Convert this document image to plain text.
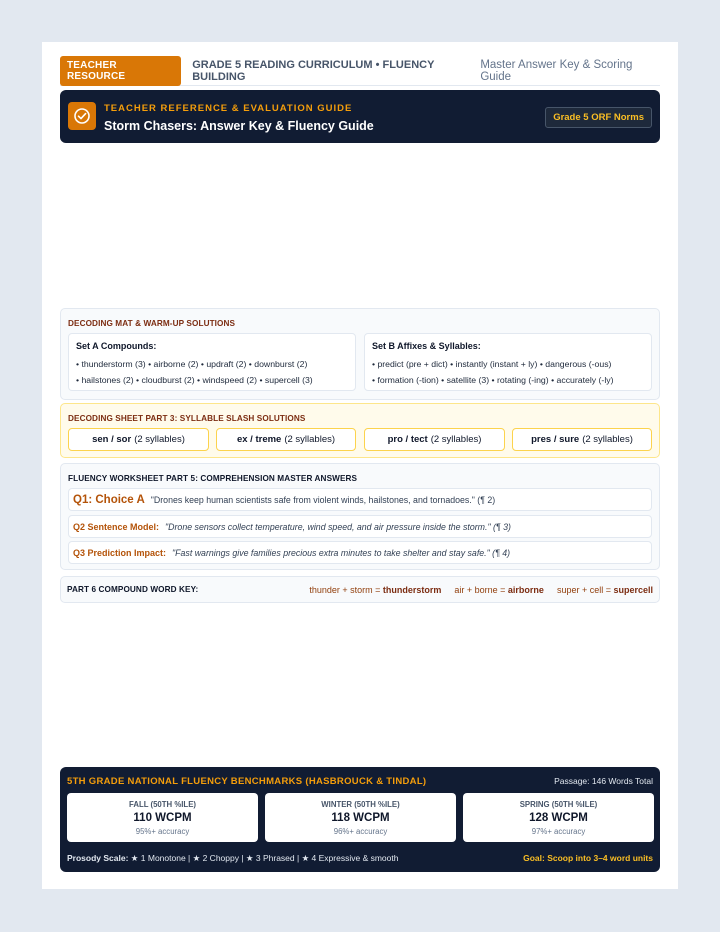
TEACHER RESOURCE
GRADE 5 READING CURRICULUM • FLUENCY BUILDING
Master Answer Key & Scoring Guide
TEACHER REFERENCE & EVALUATION GUIDE
Storm Chasers: Answer Key & Fluency Guide
Grade 5 ORF Norms
DECODING MAT & WARM-UP SOLUTIONS
Set A Compounds:
• thunderstorm (3) • airborne (2) • updraft (2) • downburst (2)
• hailstones (2) • cloudburst (2) • windspeed (2) • supercell (3)
Set B Affixes & Syllables:
• predict (pre + dict) • instantly (instant + ly) • dangerous (-ous)
• formation (-tion) • satellite (3) • rotating (-ing) • accurately (-ly)
DECODING SHEET PART 3: SYLLABLE SLASH SOLUTIONS
sen / sor (2 syllables)	ex / treme (2 syllables)	pro / tect (2 syllables)	pres / sure (2 syllables)
FLUENCY WORKSHEET PART 5: COMPREHENSION MASTER ANSWERS
Q1: Choice A "Drones keep human scientists safe from violent winds, hailstones, and tornadoes." (¶ 2)
Q2 Sentence Model: "Drone sensors collect temperature, wind speed, and air pressure inside the storm." (¶ 3)
Q3 Prediction Impact: "Fast warnings give families precious extra minutes to take shelter and stay safe." (¶ 4)
PART 6 COMPOUND WORD KEY:	thunder + storm = thunderstorm air + borne = airborne super + cell = supercell
5TH GRADE NATIONAL FLUENCY BENCHMARKS (HASBROUCK & TINDAL)	Passage: 146 Words Total
FALL (50TH %ILE)
110 WCPM
95%+ accuracy
WINTER (50TH %ILE)
118 WCPM
96%+ accuracy
SPRING (50TH %ILE)
128 WCPM
97%+ accuracy
Prosody Scale: ★ 1 Monotone | ★ 2 Choppy | ★ 3 Phrased | ★ 4 Expressive & smooth	Goal: Scoop into 3–4 word units
